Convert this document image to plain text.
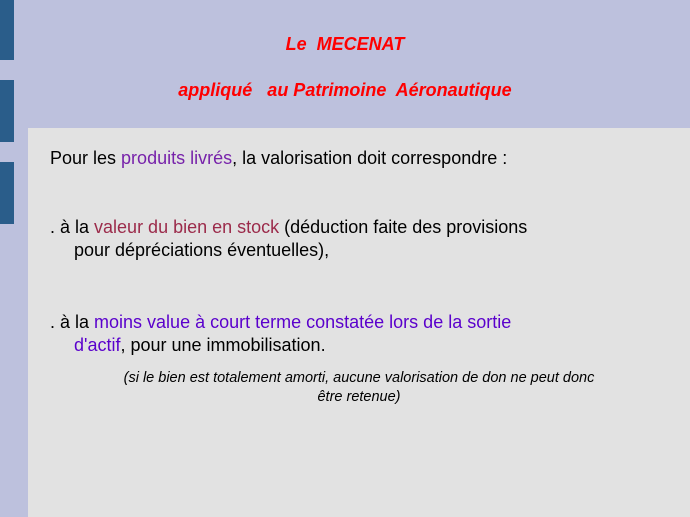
Le  MECENAT
appliqué   au Patrimoine  Aéronautique
Pour les produits livrés, la valorisation doit correspondre :
. à la valeur du bien en stock (déduction faite des provisions
pour dépréciations éventuelles),
. à la moins value à court terme constatée lors de la sortie
d'actif, pour une immobilisation.
(si le bien est totalement amorti, aucune valorisation de don ne peut donc
être retenue)
